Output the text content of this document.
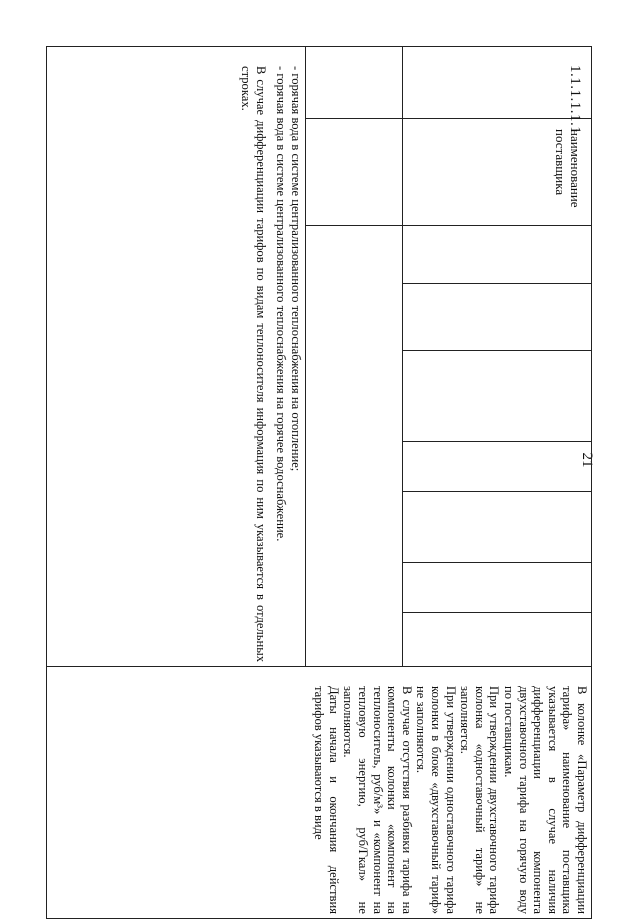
21
1.1.1.1.1.1	наименование поставщика								В колонке «Параметр дифференциации тарифа» наименование поставщика указывается в случае наличия дифференциации компонента двухставочного тарифа на горячую воду по поставщикам.

При утверждении двухставочного тарифа колонка «одноставочный тариф» не заполняется.

При утверждении одноставочного тарифа колонки в блоке «двухставочный тариф» не заполняются.

В случае отсутствия разбивки тарифа на компоненты колонки «компонент на теплоноситель, руб/м³» и «компонент на тепловую энергию, руб/Гкал» не заполняются.

Даты начала и окончания действия тарифов указываются в виде

- горячая вода в системе централизованного теплоснабжения на отопление;

- горячая вода в системе централизованного теплоснабжения на горячее водоснабжение.

В случае дифференциации тарифов по видам теплоносителя информация по ним указывается в отдельных строках.
